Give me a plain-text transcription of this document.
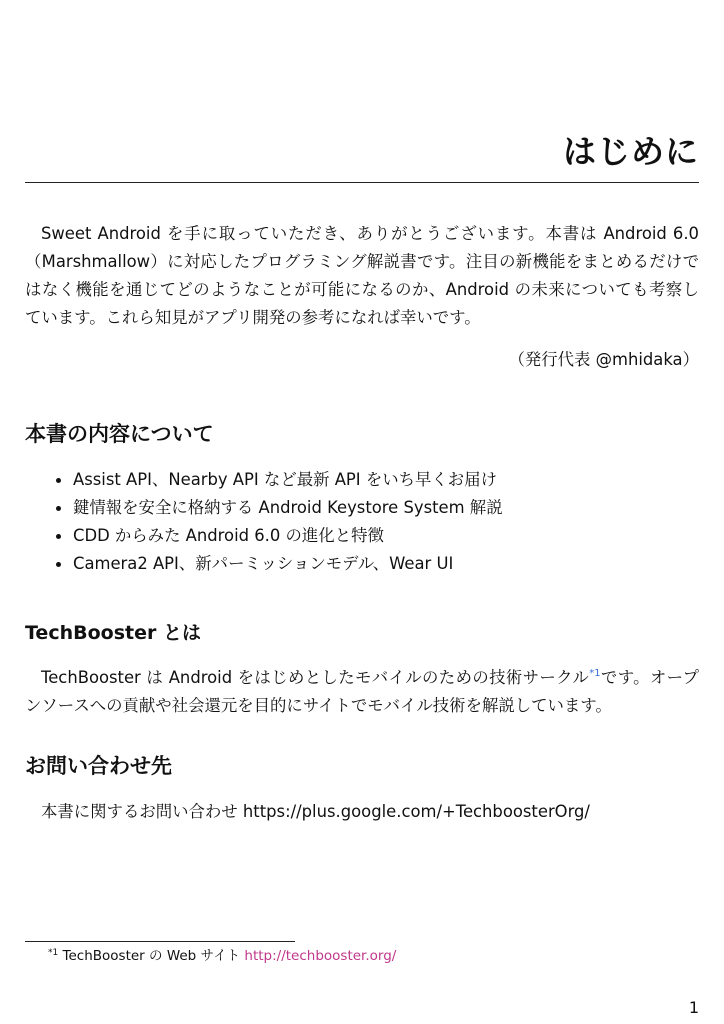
はじめに

Sweet Android を手に取っていただき、ありがとうございます。本書は Android 6.0（Marshmallow）に対応したプログラミング解説書です。注目の新機能をまとめるだけではなく機能を通じてどのようなことが可能になるのか、Android の未来についても考察しています。これら知見がアプリ開発の参考になれば幸いです。

（発行代表 @mhidaka）

本書の内容について
Assist API、Nearby API など最新 API をいち早くお届け
鍵情報を安全に格納する Android Keystore System 解説
CDD からみた Android 6.0 の進化と特徴
Camera2 API、新パーミッションモデル、Wear UI
TechBooster とは

TechBooster は Android をはじめとしたモバイルのための技術サークル$^{*1}$です。オープンソースへの貢献や社会還元を目的にサイトでモバイル技術を解説しています。

お問い合わせ先

本書に関するお問い合わせ https://plus.google.com/+TechboosterOrg/

$^{*1}$ TechBooster の Web サイト http://techbooster.org/

1
